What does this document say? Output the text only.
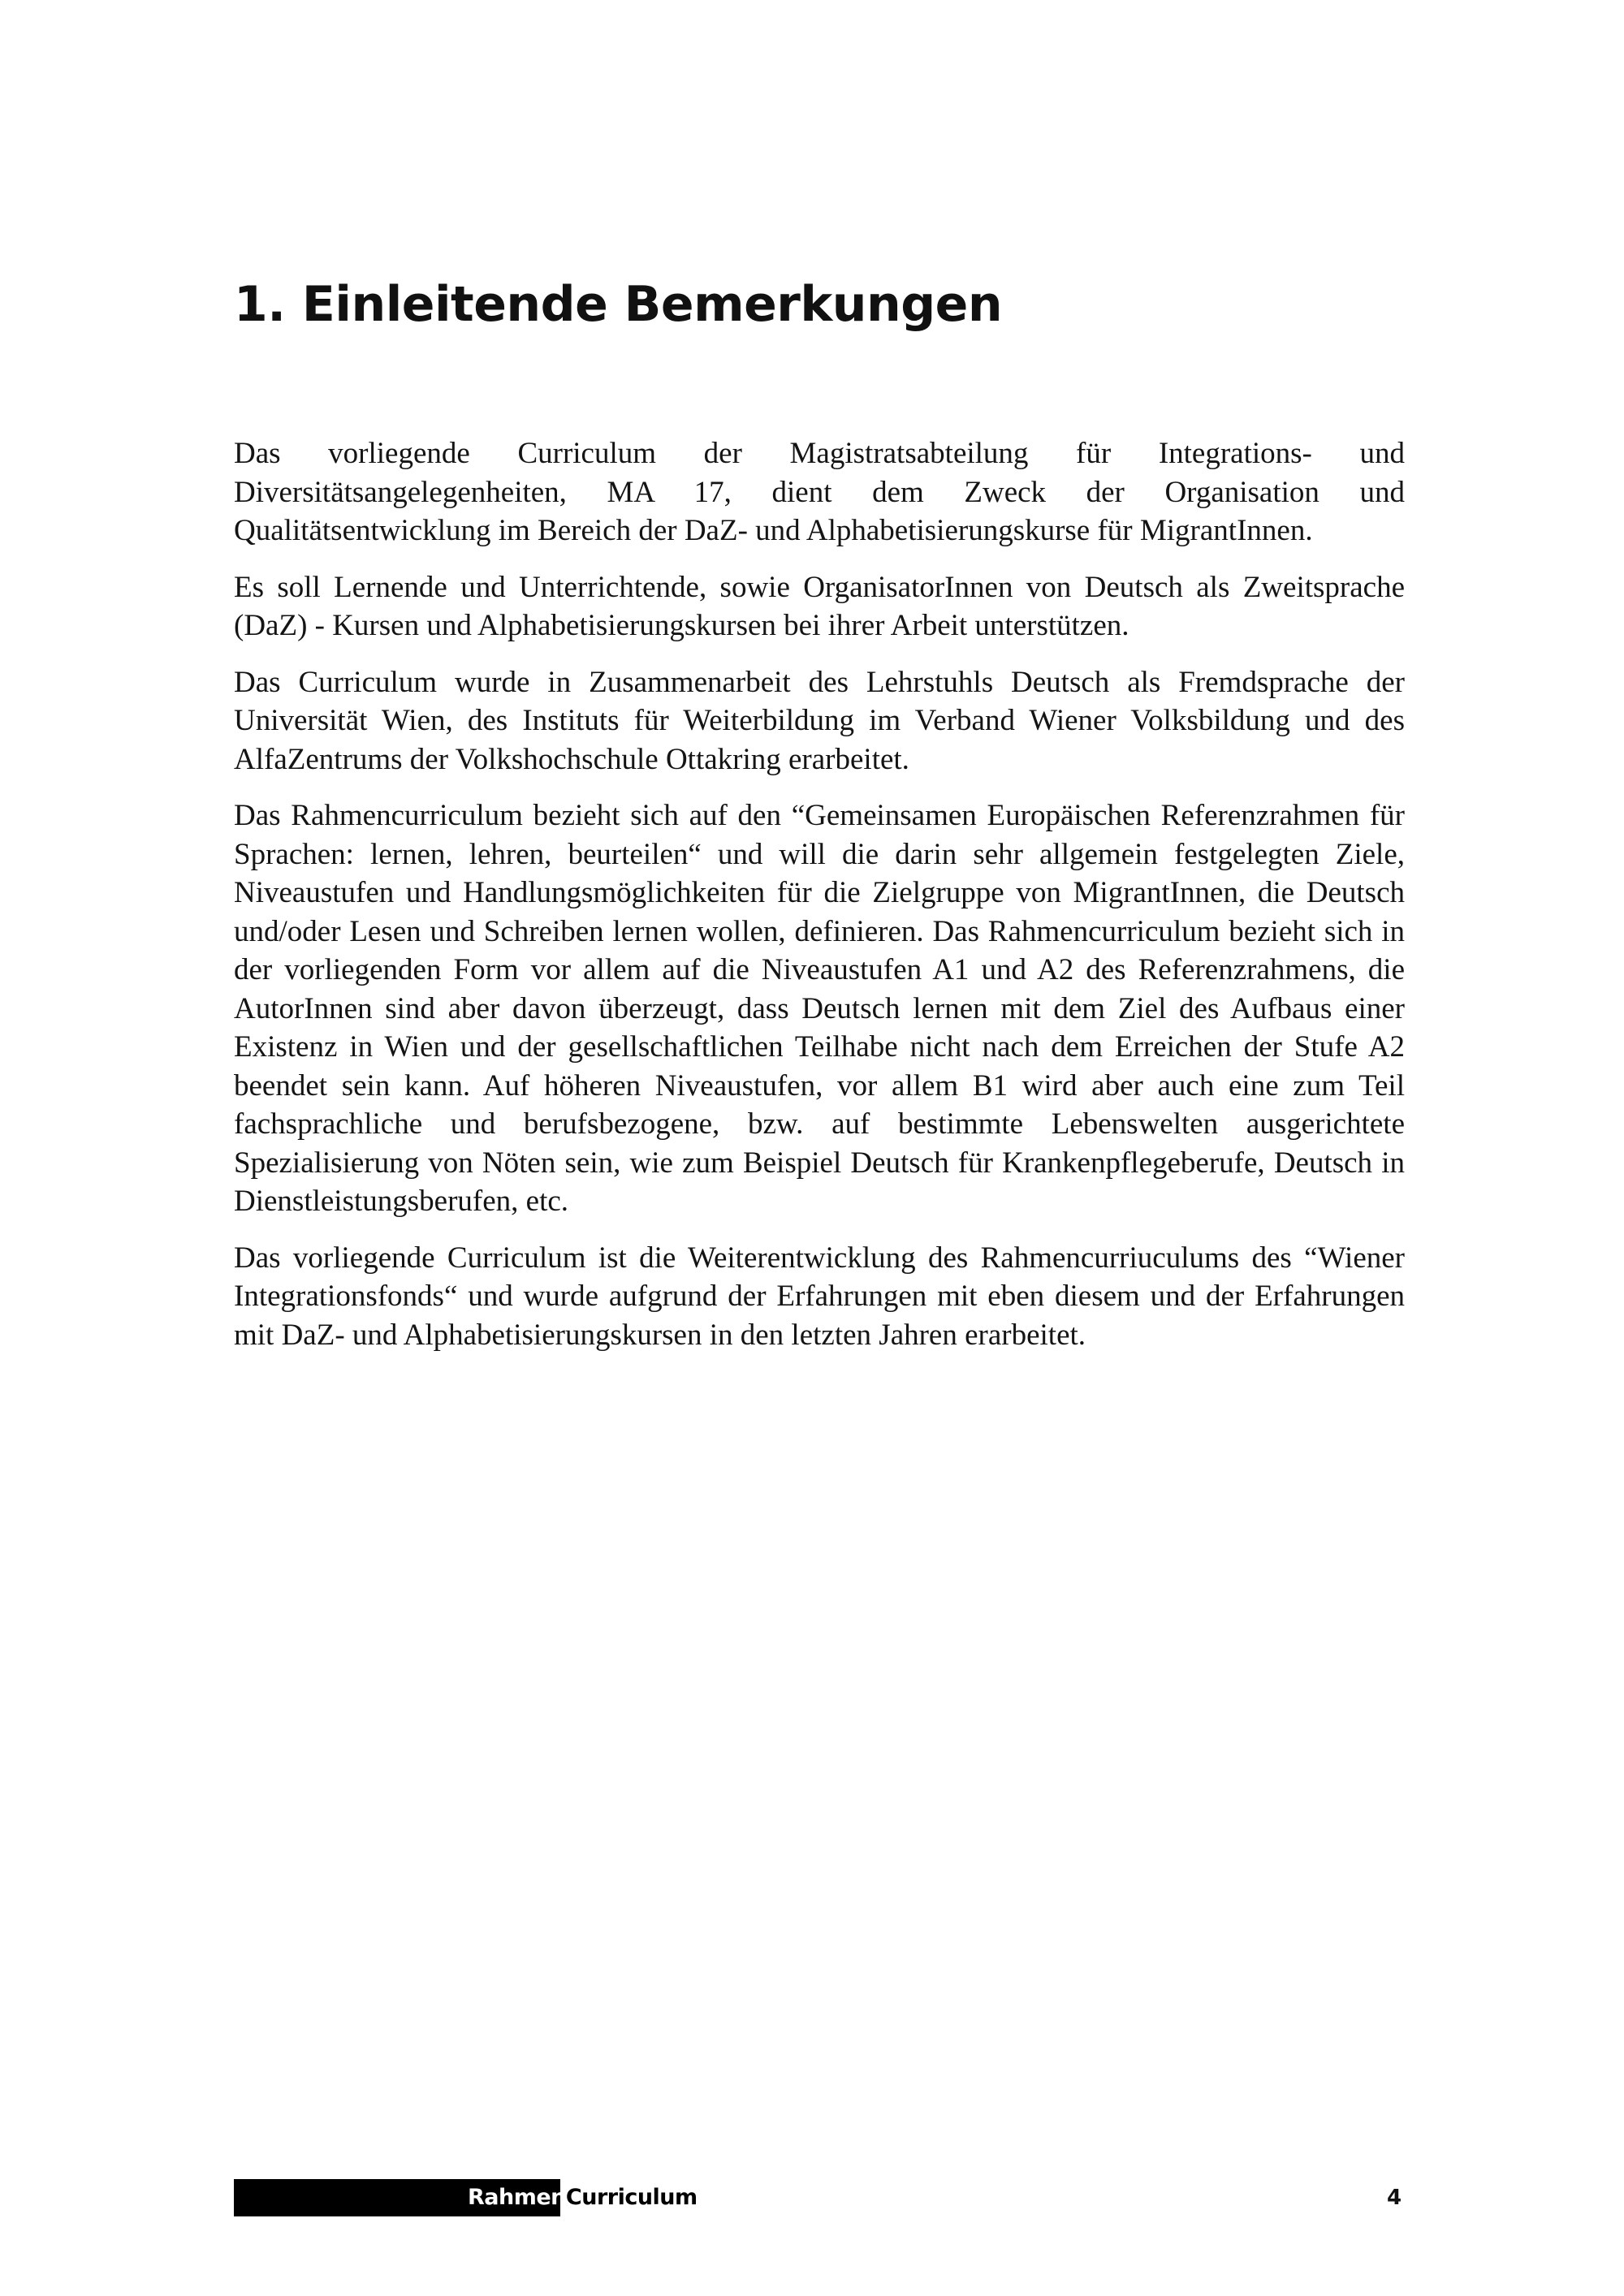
1. Einleitende Bemerkungen

Das vorliegende Curriculum der Magistratsabteilung für Integrations- und Diversitätsangelegenheiten, MA 17, dient dem Zweck der Organisation und Qualitätsentwicklung im Bereich der DaZ- und Alphabetisierungskurse für MigrantInnen.

Es soll Lernende und Unterrichtende, sowie OrganisatorInnen von Deutsch als Zweitsprache (DaZ) - Kursen und Alphabetisierungskursen bei ihrer Arbeit unterstützen.

Das Curriculum wurde in Zusammenarbeit des Lehrstuhls Deutsch als Fremdsprache der Universität Wien, des Instituts für Weiterbildung im Verband Wiener Volksbildung und des AlfaZentrums der Volkshochschule Ottakring erarbeitet.

Das Rahmencurriculum bezieht sich auf den “Gemeinsamen Europäischen Referenzrahmen für Sprachen: lernen, lehren, beurteilen“ und will die darin sehr allgemein festgelegten Ziele, Niveaustufen und Handlungsmöglichkeiten für die Zielgruppe von MigrantInnen, die Deutsch und/oder Lesen und Schreiben lernen wollen, definieren. Das Rahmencurriculum bezieht sich in der vorliegenden Form vor allem auf die Niveaustufen A1 und A2 des Referenzrahmens, die AutorInnen sind aber davon überzeugt, dass Deutsch lernen mit dem Ziel des Aufbaus einer Existenz in Wien und der gesellschaftlichen Teilhabe nicht nach dem Erreichen der Stufe A2 beendet sein kann. Auf höheren Niveaustufen, vor allem B1 wird aber auch eine zum Teil fachsprachliche und berufsbezogene, bzw. auf bestimmte Lebenswelten ausgerichtete Spezialisierung von Nöten sein, wie zum Beispiel Deutsch für Krankenpflegeberufe, Deutsch in Dienstleistungsberufen, etc.

Das vorliegende Curriculum ist die Weiterentwicklung des Rahmencurriuculums des “Wiener Integrationsfonds“ und wurde aufgrund der Erfahrungen mit eben diesem und der Erfahrungen mit DaZ- und Alphabetisierungskursen in den letzten Jahren erarbeitet.

RahmenCurriculum	4
